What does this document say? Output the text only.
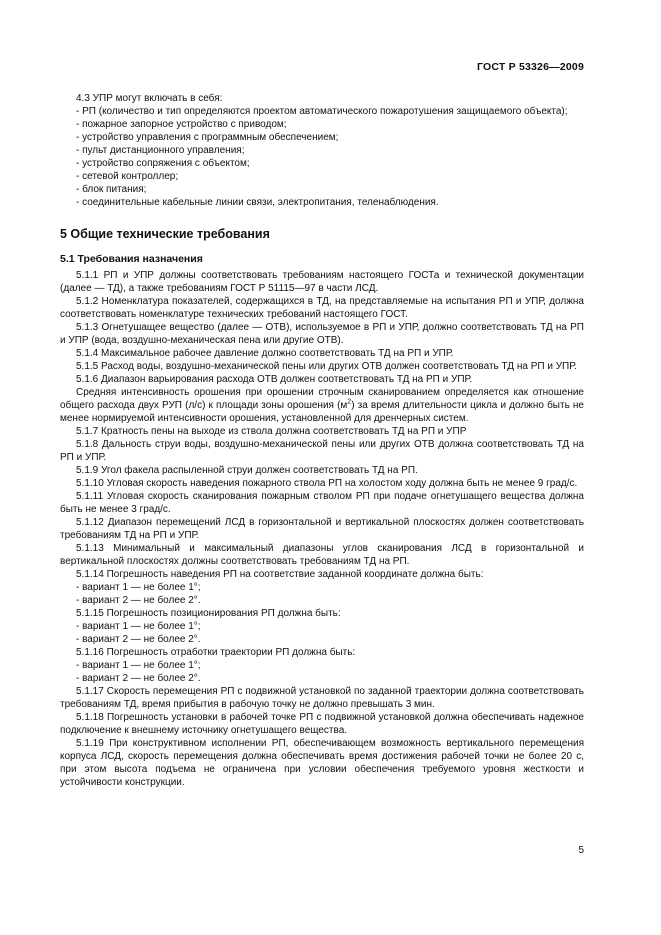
ГОСТ Р 53326—2009

4.3 УПР могут включать в себя:

- РП (количество и тип определяются проектом автоматического пожаротушения защищаемого объекта);

- пожарное запорное устройство с приводом;

- устройство управления с программным обеспечением;

- пульт дистанционного управления;

- устройство сопряжения с объектом;

- сетевой контроллер;

- блок питания;

- соединительные кабельные линии связи, электропитания, теленаблюдения.

5 Общие технические требования

5.1 Требования назначения

5.1.1 РП и УПР должны соответствовать требованиям настоящего ГОСТа и технической документации (далее — ТД), а также требованиям ГОСТ Р 51115—97 в части ЛСД.

5.1.2 Номенклатура показателей, содержащихся в ТД, на представляемые на испытания РП и УПР, должна соответствовать номенклатуре технических требований настоящего ГОСТ.

5.1.3 Огнетушащее вещество (далее — ОТВ), используемое в РП и УПР, должно соответствовать ТД на РП и УПР (вода, воздушно-механическая пена или другие ОТВ).

5.1.4 Максимальное рабочее давление должно соответствовать ТД на РП и УПР.

5.1.5 Расход воды, воздушно-механической пены или других ОТВ должен соответствовать ТД на РП и УПР.

5.1.6 Диапазон варьирования расхода ОТВ должен соответствовать ТД на РП и УПР.

Средняя интенсивность орошения при орошении строчным сканированием определяется как отношение общего расхода двух РУП (л/с) к площади зоны орошения $(м^2)$ за время длительности цикла и должно быть не менее нормируемой интенсивности орошения, установленной для дренчерных систем.

5.1.7 Кратность пены на выходе из ствола должна соответствовать ТД на РП и УПР

5.1.8 Дальность струи воды, воздушно-механической пены или других ОТВ должна соответствовать ТД на РП и УПР.

5.1.9 Угол факела распыленной струи должен соответствовать ТД на РП.

5.1.10 Угловая скорость наведения пожарного ствола РП на холостом ходу должна быть не менее 9 град/с.

5.1.11 Угловая скорость сканирования пожарным стволом РП при подаче огнетушащего вещества должна быть не менее 3 град/с.

5.1.12 Диапазон перемещений ЛСД в горизонтальной и вертикальной плоскостях должен соответствовать требованиям ТД на РП и УПР.

5.1.13 Минимальный и максимальный диапазоны углов сканирования ЛСД в горизонтальной и вертикальной плоскостях должны соответствовать требованиям ТД на РП.

5.1.14 Погрешность наведения РП на соответствие заданной координате должна быть:

- вариант 1 — не более 1°;

- вариант 2 — не более 2°.

5.1.15 Погрешность позиционирования РП должна быть:

- вариант 1 — не более 1°;

- вариант 2 — не более 2°.

5.1.16 Погрешность отработки траектории РП должна быть:

- вариант 1 — не более 1°;

- вариант 2 — не более 2°.

5.1.17 Скорость перемещения РП с подвижной установкой по заданной траектории должна соответствовать требованиям ТД, время прибытия в рабочую точку не должно превышать 3 мин.

5.1.18 Погрешность установки в рабочей точке РП с подвижной установкой должна обеспечивать надежное подключение к внешнему источнику огнетушащего вещества.

5.1.19 При конструктивном исполнении РП, обеспечивающем возможность вертикального перемещения корпуса ЛСД, скорость перемещения должна обеспечивать время достижения рабочей точки не более 20 с, при этом высота подъема не ограничена при условии обеспечения требуемого уровня жесткости и устойчивости конструкции.

5
